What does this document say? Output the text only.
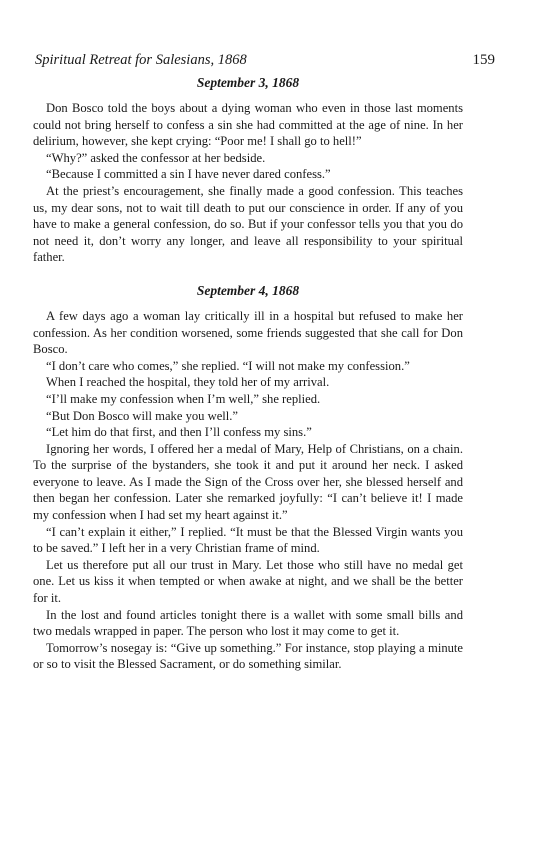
Spiritual Retreat for Salesians, 1868	159
September 3, 1868

Don Bosco told the boys about a dying woman who even in those last moments could not bring herself to confess a sin she had committed at the age of nine. In her delirium, however, she kept crying: “Poor me! I shall go to hell!”

“Why?” asked the confessor at her bedside.

“Because I committed a sin I have never dared confess.”

At the priest’s encouragement, she finally made a good confession. This teaches us, my dear sons, not to wait till death to put our conscience in order. If any of you have to make a general confession, do so. But if your confessor tells you that you do not need it, don’t worry any longer, and leave all responsibility to your spiritual father.

September 4, 1868

A few days ago a woman lay critically ill in a hospital but refused to make her confession. As her condition worsened, some friends suggested that she call for Don Bosco.

“I don’t care who comes,” she replied. “I will not make my confession.”

When I reached the hospital, they told her of my arrival.

“I’ll make my confession when I’m well,” she replied.

“But Don Bosco will make you well.”

“Let him do that first, and then I’ll confess my sins.”

Ignoring her words, I offered her a medal of Mary, Help of Christians, on a chain. To the surprise of the bystanders, she took it and put it around her neck. I asked everyone to leave. As I made the Sign of the Cross over her, she blessed herself and then began her confession. Later she remarked joyfully: “I can’t believe it! I made my confession when I had set my heart against it.”

“I can’t explain it either,” I replied. “It must be that the Blessed Virgin wants you to be saved.” I left her in a very Christian frame of mind.

Let us therefore put all our trust in Mary. Let those who still have no medal get one. Let us kiss it when tempted or when awake at night, and we shall be the better for it.

In the lost and found articles tonight there is a wallet with some small bills and two medals wrapped in paper. The person who lost it may come to get it.

Tomorrow’s nosegay is: “Give up something.” For instance, stop playing a minute or so to visit the Blessed Sacrament, or do something similar.
